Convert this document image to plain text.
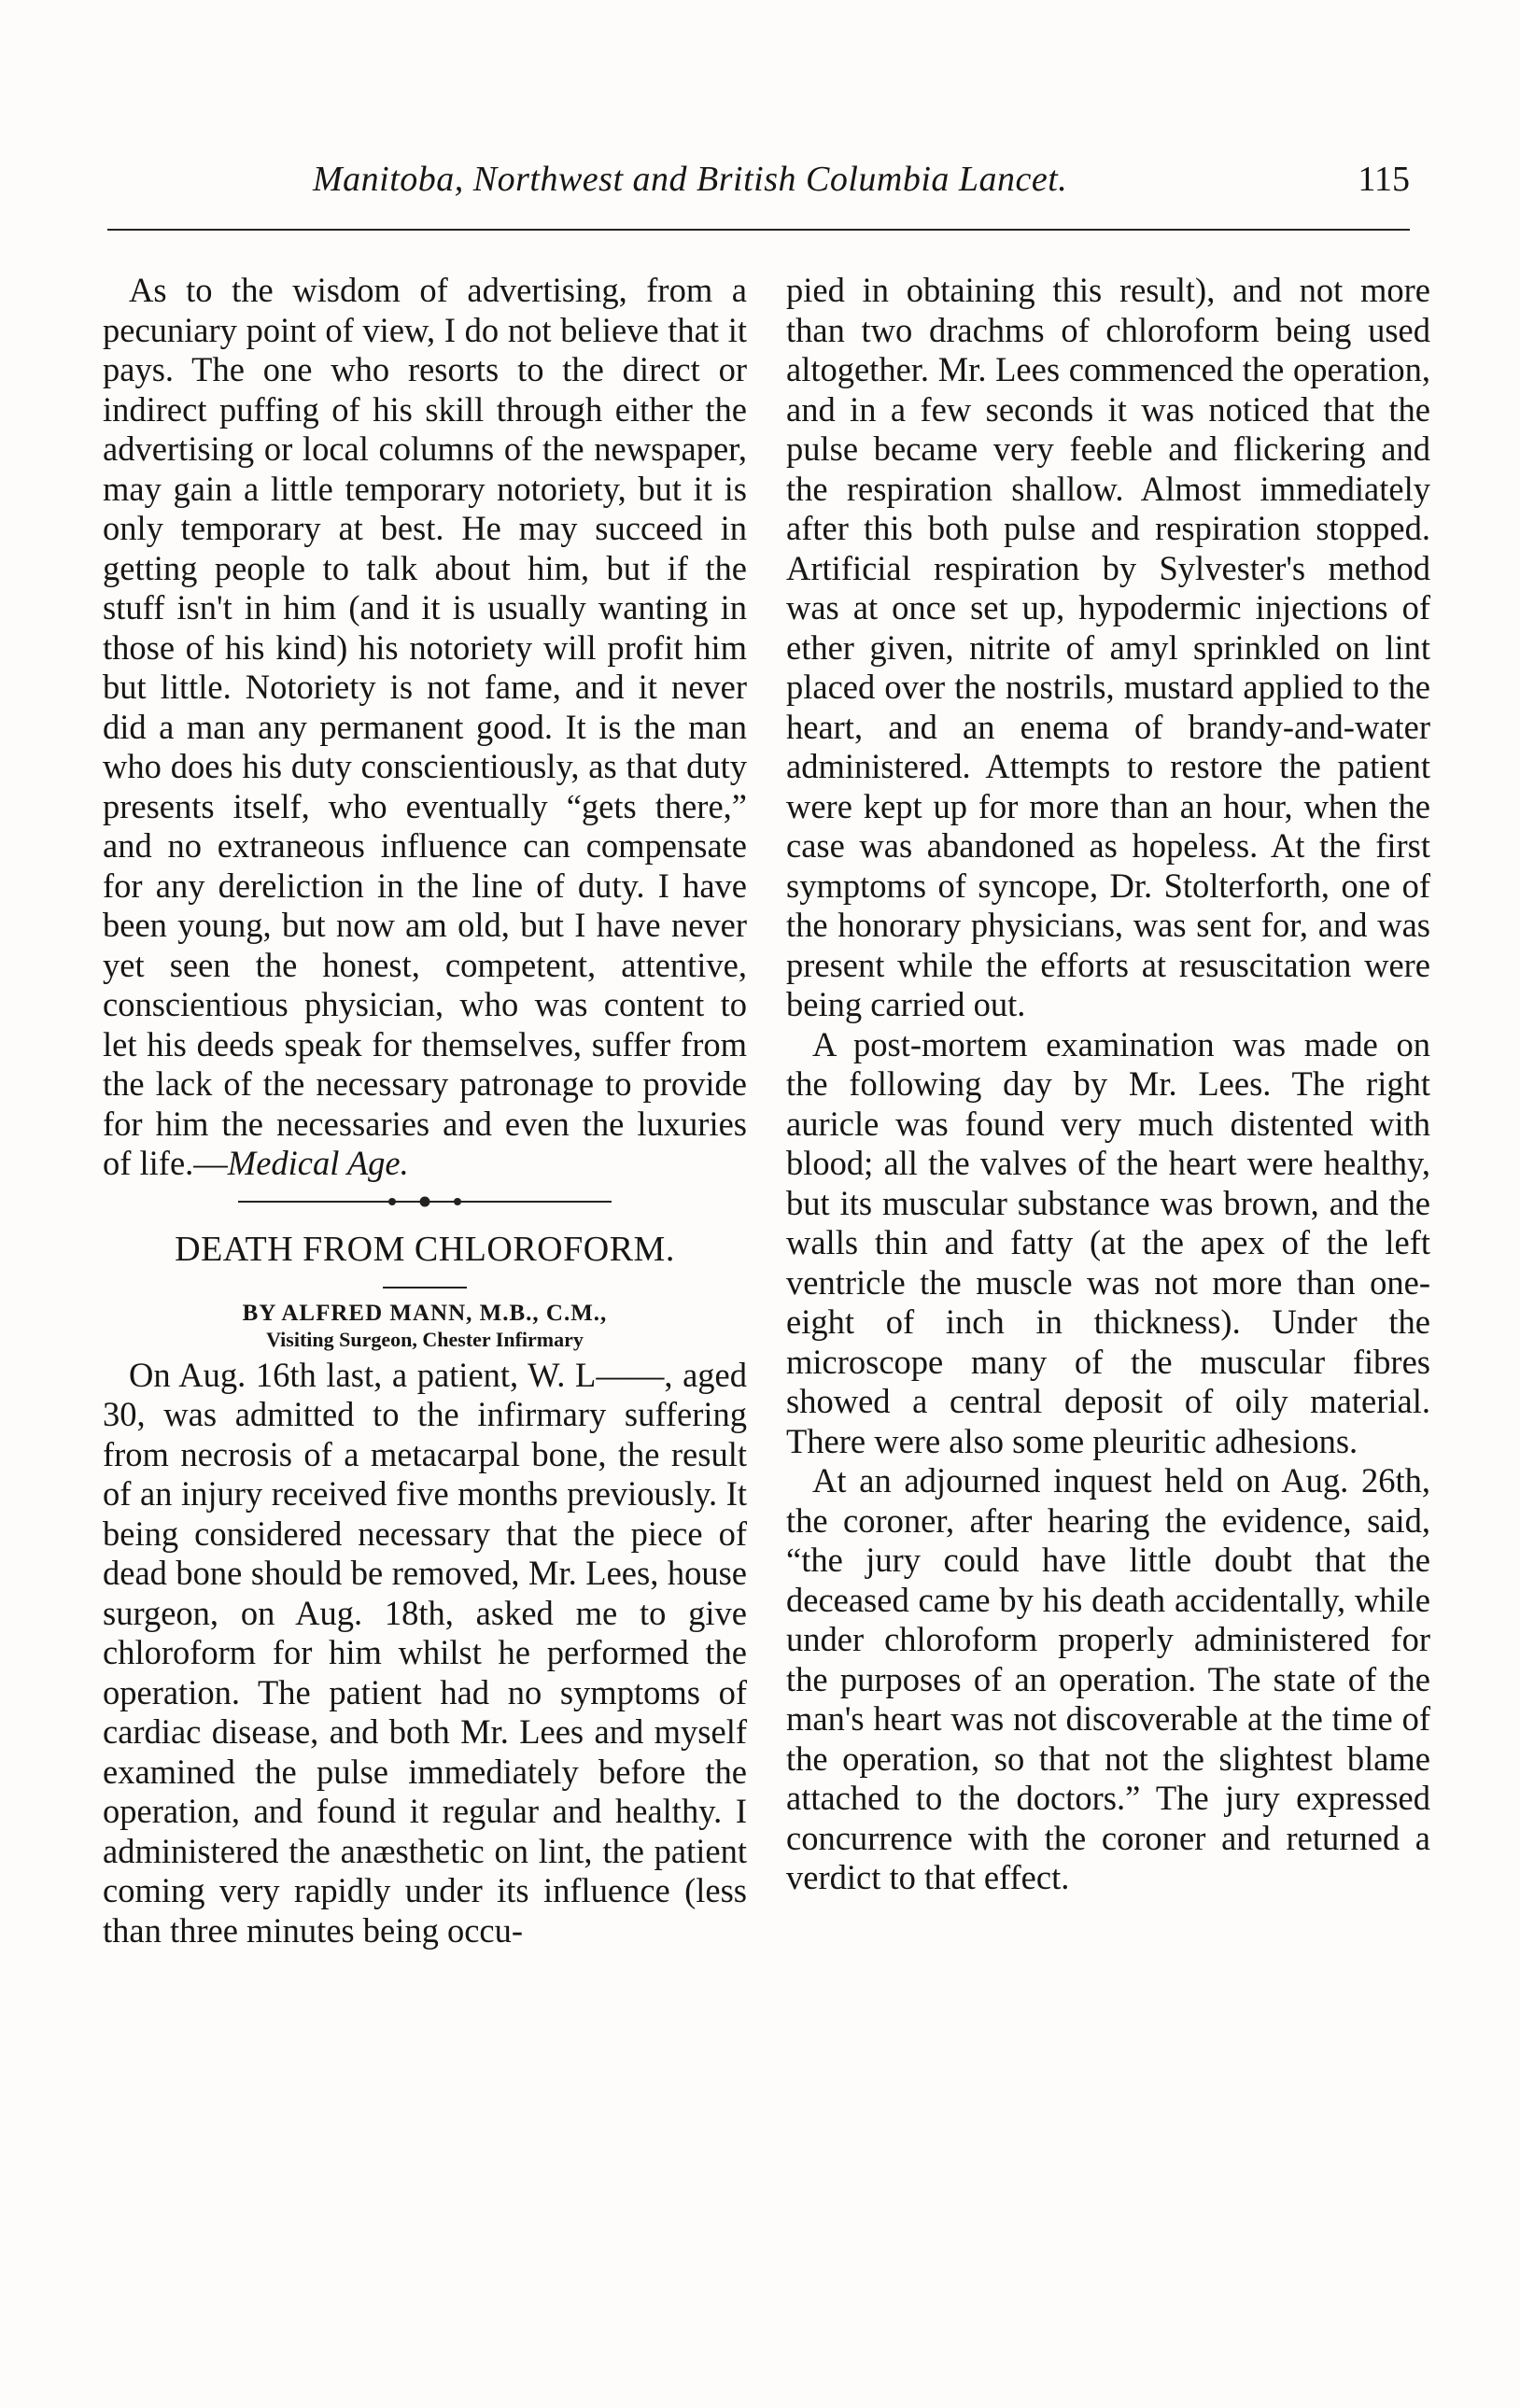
Manitoba, Northwest and British Columbia Lancet.	115

As to the wisdom of advertising, from a pecuniary point of view, I do not believe that it pays. The one who resorts to the direct or indirect puffing of his skill through either the advertising or local columns of the newspaper, may gain a little temporary notoriety, but it is only temporary at best. He may succeed in getting people to talk about him, but if the stuff isn't in him (and it is usually wanting in those of his kind) his notoriety will profit him but little. Notoriety is not fame, and it never did a man any permanent good. It is the man who does his duty conscientiously, as that duty presents itself, who eventually “gets there,” and no extraneous influence can compensate for any dereliction in the line of duty. I have been young, but now am old, but I have never yet seen the honest, competent, attentive, conscientious physician, who was content to let his deeds speak for themselves, suffer from the lack of the necessary patronage to provide for him the necessaries and even the luxuries of life.—Medical Age.

DEATH FROM CHLOROFORM.
BY ALFRED MANN, M.B., C.M.,
Visiting Surgeon, Chester Infirmary

On Aug. 16th last, a patient, W. L——, aged 30, was admitted to the infirmary suffering from necrosis of a metacarpal bone, the result of an injury received five months previously. It being considered necessary that the piece of dead bone should be removed, Mr. Lees, house surgeon, on Aug. 18th, asked me to give chloroform for him whilst he performed the operation. The patient had no symptoms of cardiac disease, and both Mr. Lees and myself examined the pulse immediately before the operation, and found it regular and healthy. I administered the anæsthetic on lint, the patient coming very rapidly under its influence (less than three minutes being occu-

pied in obtaining this result), and not more than two drachms of chloroform being used altogether. Mr. Lees commenced the operation, and in a few seconds it was noticed that the pulse became very feeble and flickering and the respiration shallow. Almost immediately after this both pulse and respiration stopped. Artificial respiration by Sylvester's method was at once set up, hypodermic injections of ether given, nitrite of amyl sprinkled on lint placed over the nostrils, mustard applied to the heart, and an enema of brandy-and-water administered. Attempts to restore the patient were kept up for more than an hour, when the case was abandoned as hopeless. At the first symptoms of syncope, Dr. Stolterforth, one of the honorary physicians, was sent for, and was present while the efforts at resuscitation were being carried out.

A post-mortem examination was made on the following day by Mr. Lees. The right auricle was found very much distented with blood; all the valves of the heart were healthy, but its muscular substance was brown, and the walls thin and fatty (at the apex of the left ventricle the muscle was not more than one-eight of inch in thickness). Under the microscope many of the muscular fibres showed a central deposit of oily material. There were also some pleuritic adhesions.

At an adjourned inquest held on Aug. 26th, the coroner, after hearing the evidence, said, “the jury could have little doubt that the deceased came by his death accidentally, while under chloroform properly administered for the purposes of an operation. The state of the man's heart was not discoverable at the time of the operation, so that not the slightest blame attached to the doctors.” The jury expressed concurrence with the coroner and returned a verdict to that effect.
